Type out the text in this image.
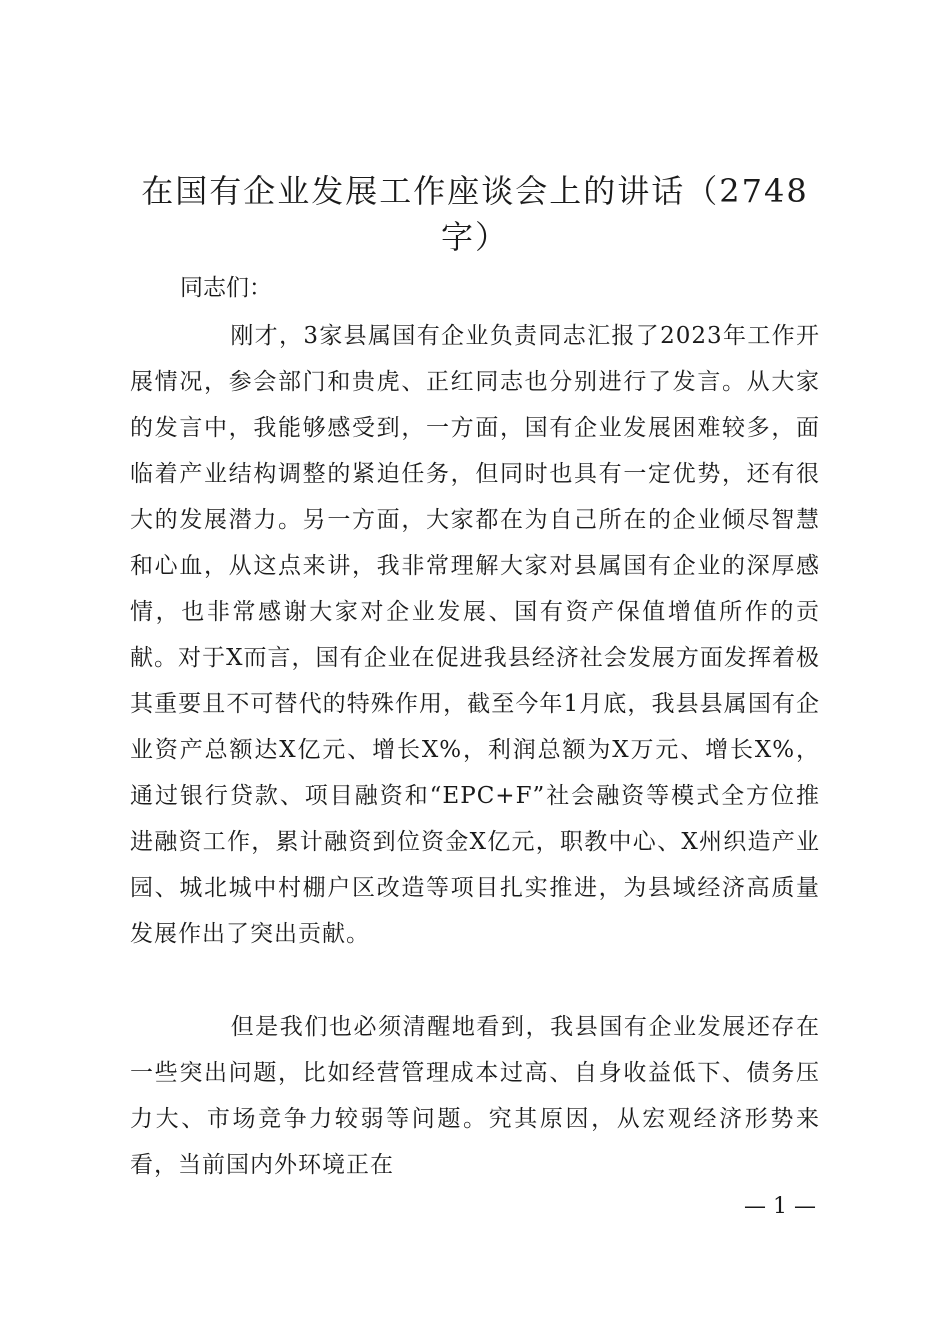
在国有企业发展工作座谈会上的讲话（2748字）

同志们：

刚才，3家县属国有企业负责同志汇报了2023年工作开展情况，参会部门和贵虎、正红同志也分别进行了发言。从大家的发言中，我能够感受到，一方面，国有企业发展困难较多，面临着产业结构调整的紧迫任务，但同时也具有一定优势，还有很大的发展潜力。另一方面，大家都在为自己所在的企业倾尽智慧和心血，从这点来讲，我非常理解大家对县属国有企业的深厚感情，也非常感谢大家对企业发展、国有资产保值增值所作的贡献。对于X而言，国有企业在促进我县经济社会发展方面发挥着极其重要且不可替代的特殊作用，截至今年1月底，我县县属国有企业资产总额达X亿元、增长X%，利润总额为X万元、增长X%，通过银行贷款、项目融资和“EPC+F”社会融资等模式全方位推进融资工作，累计融资到位资金X亿元，职教中心、X州织造产业园、城北城中村棚户区改造等项目扎实推进，为县域经济高质量发展作出了突出贡献。

但是我们也必须清醒地看到，我县国有企业发展还存在一些突出问题，比如经营管理成本过高、自身收益低下、债务压力大、市场竞争力较弱等问题。究其原因，从宏观经济形势来看，当前国内外环境正在

— 1 —
